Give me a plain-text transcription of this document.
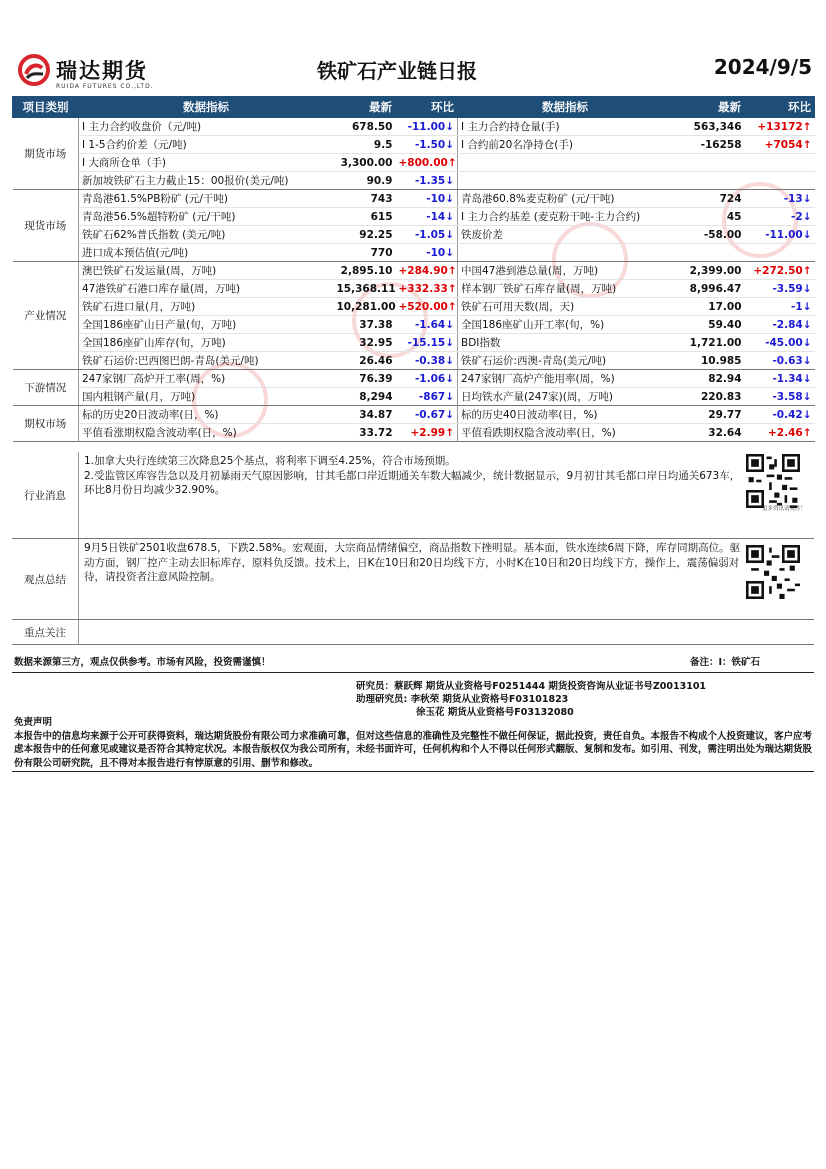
瑞达期货
RUIDA FUTURES CO.,LTD.
铁矿石产业链日报	2024/9/5
项目类别	数据指标	最新	环比	数据指标	最新	环比
期货市场	I 主力合约收盘价（元/吨)	678.50	-11.00↓	I 主力合约持仓量(手)	563,346	+13172↑
	I 1-5合约价差（元/吨)	9.5	-1.50↓	I 合约前20名净持仓(手)	-16258	+7054↑
	I 大商所仓单（手)	3,300.00	+800.00↑			
	新加坡铁矿石主力截止15：00报价(美元/吨)	90.9	-1.35↓			
现货市场	青岛港61.5%PB粉矿 (元/干吨)	743	-10↓	青岛港60.8%麦克粉矿 (元/干吨)	724	-13↓
	青岛港56.5%超特粉矿 (元/干吨)	615	-14↓	I 主力合约基差 (麦克粉干吨-主力合约)	45	-2↓
	铁矿石62%普氏指数 (美元/吨)	92.25	-1.05↓	铁废价差	-58.00	-11.00↓
	进口成本预估值(元/吨)	770	-10↓			
产业情况	澳巴铁矿石发运量(周，万吨)	2,895.10	+284.90↑	中国47港到港总量(周，万吨)	2,399.00	+272.50↑
	47港铁矿石港口库存量(周，万吨)	15,368.11	+332.33↑	样本钢厂铁矿石库存量(周，万吨)	8,996.47	-3.59↓
	铁矿石进口量(月，万吨)	10,281.00	+520.00↑	铁矿石可用天数(周，天)	17.00	-1↓
	全国186座矿山日产量(旬，万吨)	37.38	-1.64↓	全国186座矿山开工率(旬，%)	59.40	-2.84↓
	全国186座矿山库存(旬，万吨)	32.95	-15.15↓	BDI指数	1,721.00	-45.00↓
	铁矿石运价:巴西图巴朗-青岛(美元/吨)	26.46	-0.38↓	铁矿石运价:西澳-青岛(美元/吨)	10.985	-0.63↓
下游情况	247家钢厂高炉开工率(周，%)	76.39	-1.06↓	247家钢厂高炉产能用率(周，%)	82.94	-1.34↓
	国内粗钢产量(月，万吨)	8,294	-867↓	日均铁水产量(247家)(周，万吨)	220.83	-3.58↓
期权市场	标的历史20日波动率(日，%)	34.87	-0.67↓	标的历史40日波动率(日，%)	29.77	-0.42↓
	平值看涨期权隐含波动率(日，%)	33.72	+2.99↑	平值看跌期权隐含波动率(日，%)	32.64	+2.46↑
行业消息
1.加拿大央行连续第三次降息25个基点，将利率下调至4.25%，符合市场预期。
2.受监管区库容告急以及月初暴雨天气原因影响，甘其毛都口岸近期通关车数大幅减少，统计数据显示，9月初甘其毛都口岸日均通关673车，环比8月份日均减少32.90%。
更多资讯请关注！
观点总结
9月5日铁矿2501收盘678.5，下跌2.58%。宏观面，大宗商品情绪偏空，商品指数下挫明显。基本面，铁水连续6周下降，库存同期高位。驱动方面，钢厂控产主动去旧标库存，原料负反馈。技术上，日K在10日和20日均线下方，小时K在10日和20日均线下方，操作上，震荡偏弱对待，请投资者注意风险控制。
重点关注
数据来源第三方，观点仅供参考。市场有风险，投资需谨慎！	备注：I：铁矿石
研究员：蔡跃辉 期货从业资格号F0251444 期货投资咨询从业证书号Z0013101
助理研究员: 李秋荣 期货从业资格号F03101823
徐玉花 期货从业资格号F03132080
免责声明
本报告中的信息均来源于公开可获得资料，瑞达期货股份有限公司力求准确可靠，但对这些信息的准确性及完整性不做任何保证，据此投资，责任自负。本报告不构成个人投资建议，客户应考虑本报告中的任何意见或建议是否符合其特定状况。本报告版权仅为我公司所有，未经书面许可，任何机构和个人不得以任何形式翻版、复制和发布。如引用、刊发，需注明出处为瑞达期货股份有限公司研究院，且不得对本报告进行有悖原意的引用、删节和修改。
